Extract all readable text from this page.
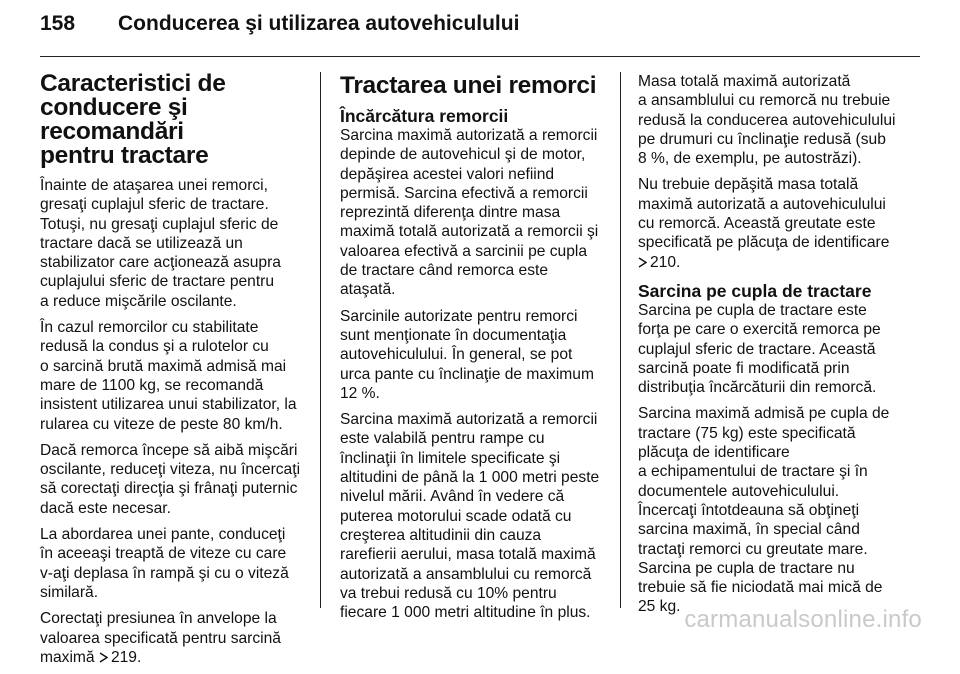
158 Conducerea şi utilizarea autovehiculului
Caracteristici de
conducere şi recomandări
pentru tractare

Înainte de ataşarea unei remorci,
gresaţi cuplajul sferic de tractare.
Totuşi, nu gresaţi cuplajul sferic de
tractare dacă se utilizează un
stabilizator care acţionează asupra
cuplajului sferic de tractare pentru
a reduce mişcările oscilante.

În cazul remorcilor cu stabilitate
redusă la condus şi a rulotelor cu
o sarcină brută maximă admisă mai
mare de 1100 kg, se recomandă
insistent utilizarea unui stabilizator, la
rularea cu viteze de peste 80 km/h.

Dacă remorca începe să aibă mişcări
oscilante, reduceţi viteza, nu încercaţi
să corectaţi direcţia şi frânaţi puternic
dacă este necesar.

La abordarea unei pante, conduceţi
în aceeaşi treaptă de viteze cu care
v-aţi deplasa în rampă şi cu o viteză
similară.

Corectaţi presiunea în anvelope la
valoarea specificată pentru sarcină
maximă 219.

Tractarea unei remorci
Încărcătura remorcii

Sarcina maximă autorizată a remorcii
depinde de autovehicul şi de motor,
depăşirea acestei valori nefiind
permisă. Sarcina efectivă a remorcii
reprezintă diferenţa dintre masa
maximă totală autorizată a remorcii şi
valoarea efectivă a sarcinii pe cupla
de tractare când remorca este
ataşată.

Sarcinile autorizate pentru remorci
sunt menţionate în documentaţia
autovehiculului. În general, se pot
urca pante cu înclinaţie de maximum
12 %.

Sarcina maximă autorizată a remorcii
este valabilă pentru rampe cu
înclinaţii în limitele specificate şi
altitudini de până la 1 000 metri peste
nivelul mării. Având în vedere că
puterea motorului scade odată cu
creşterea altitudinii din cauza
rarefierii aerului, masa totală maximă
autorizată a ansamblului cu remorcă
va trebui redusă cu 10% pentru
fiecare 1 000 metri altitudine în plus.

Masa totală maximă autorizată
a ansamblului cu remorcă nu trebuie
redusă la conducerea autovehiculului
pe drumuri cu înclinaţie redusă (sub
8 %, de exemplu, pe autostrăzi).

Nu trebuie depăşită masa totală
maximă autorizată a autovehiculului
cu remorcă. Această greutate este
specificată pe plăcuţa de identificare
210.

Sarcina pe cupla de tractare

Sarcina pe cupla de tractare este
forţa pe care o exercită remorca pe
cuplajul sferic de tractare. Această
sarcină poate fi modificată prin
distribuţia încărcăturii din remorcă.

Sarcina maximă admisă pe cupla de
tractare (75 kg) este specificată
plăcuţa de identificare
a echipamentului de tractare şi în
documentele autovehiculului.
Încercaţi întotdeauna să obţineţi
sarcina maximă, în special când
tractaţi remorci cu greutate mare.
Sarcina pe cupla de tractare nu
trebuie să fie niciodată mai mică de
25 kg. carmanualsonline.info
